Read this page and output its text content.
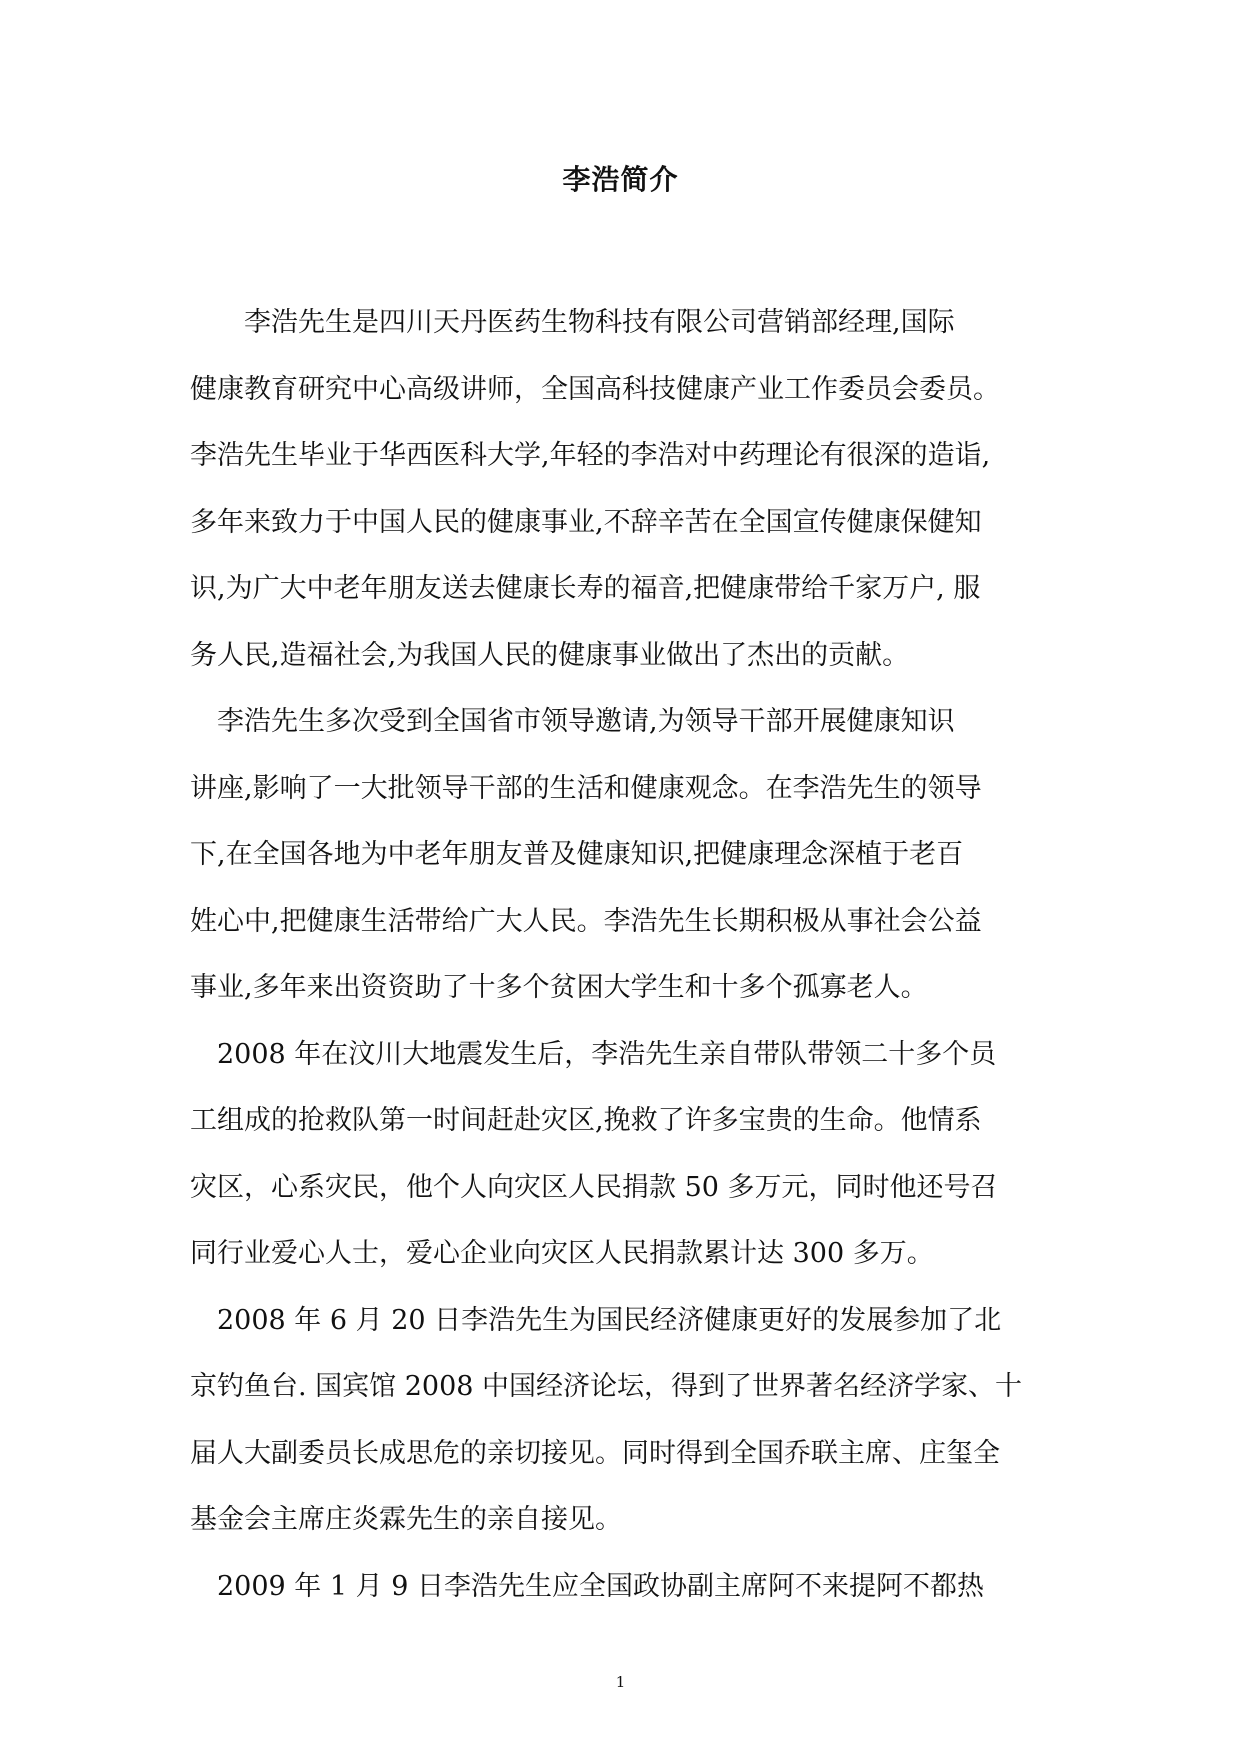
李浩简介
　　李浩先生是四川天丹医药生物科技有限公司营销部经理,国际
健康教育研究中心高级讲师，全国高科技健康产业工作委员会委员。
李浩先生毕业于华西医科大学,年轻的李浩对中药理论有很深的造诣,
多年来致力于中国人民的健康事业,不辞辛苦在全国宣传健康保健知
识,为广大中老年朋友送去健康长寿的福音,把健康带给千家万户, 服
务人民,造福社会,为我国人民的健康事业做出了杰出的贡献。
　李浩先生多次受到全国省市领导邀请,为领导干部开展健康知识
讲座,影响了一大批领导干部的生活和健康观念。在李浩先生的领导
下,在全国各地为中老年朋友普及健康知识,把健康理念深植于老百
姓心中,把健康生活带给广大人民。李浩先生长期积极从事社会公益
事业,多年来出资资助了十多个贫困大学生和十多个孤寡老人。
　2008 年在汶川大地震发生后，李浩先生亲自带队带领二十多个员
工组成的抢救队第一时间赶赴灾区,挽救了许多宝贵的生命。他情系
灾区，心系灾民，他个人向灾区人民捐款 50 多万元，同时他还号召
同行业爱心人士，爱心企业向灾区人民捐款累计达 300 多万。
　2008 年 6 月 20 日李浩先生为国民经济健康更好的发展参加了北
京钓鱼台. 国宾馆 2008 中国经济论坛，得到了世界著名经济学家、十
届人大副委员长成思危的亲切接见。同时得到全国乔联主席、庄玺全
基金会主席庄炎霖先生的亲自接见。
　2009 年 1 月 9 日李浩先生应全国政协副主席阿不来提阿不都热
1
